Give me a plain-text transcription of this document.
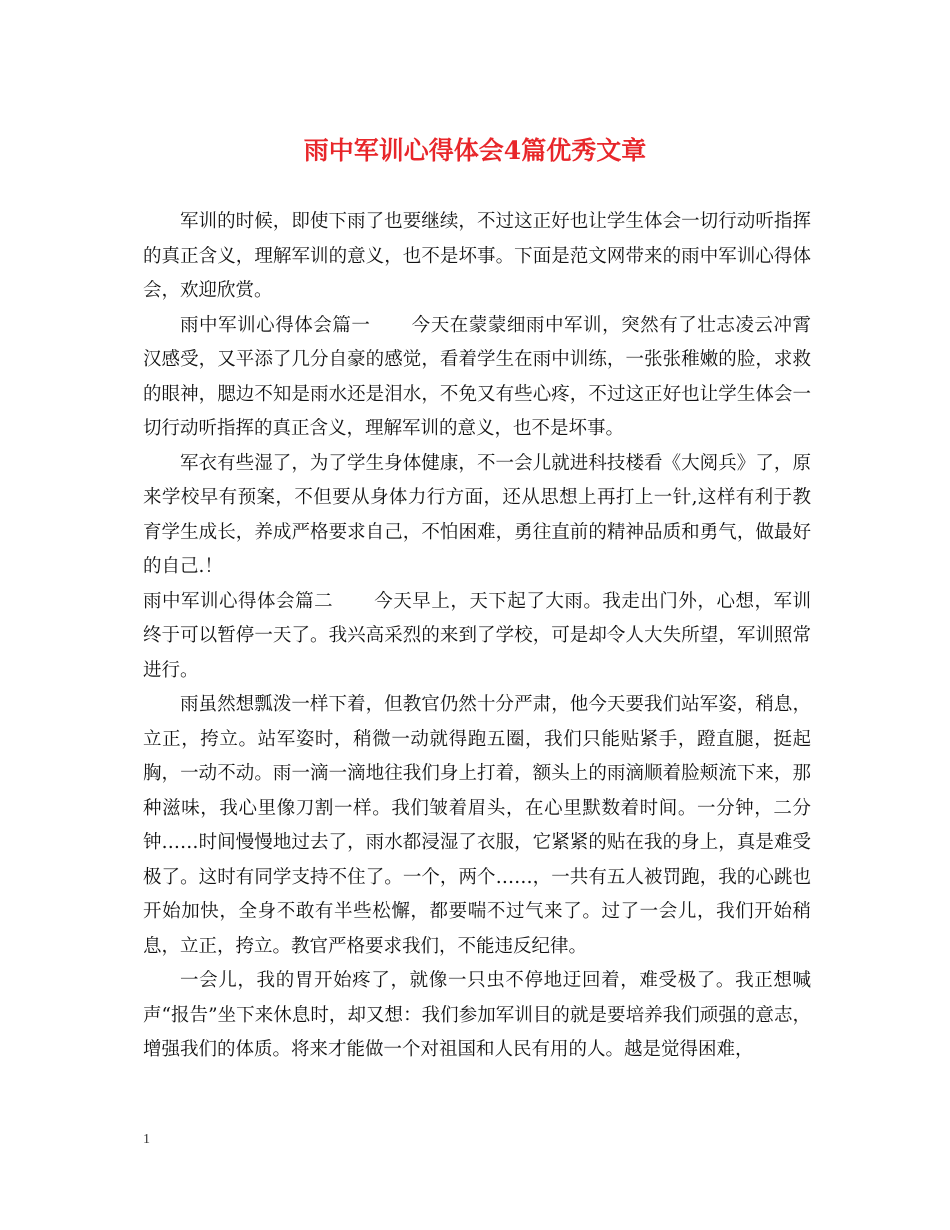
雨中军训心得体会4篇优秀文章

军训的时候，即使下雨了也要继续，不过这正好也让学生体会一切行动听指挥的真正含义，理解军训的意义，也不是坏事。下面是范文网带来的雨中军训心得体会，欢迎欣赏。

雨中军训心得体会篇一 今天在蒙蒙细雨中军训，突然有了壮志凌云冲霄汉感受，又平添了几分自豪的感觉，看着学生在雨中训练，一张张稚嫩的脸，求救的眼神，腮边不知是雨水还是泪水，不免又有些心疼，不过这正好也让学生体会一切行动听指挥的真正含义，理解军训的意义，也不是坏事。

军衣有些湿了，为了学生身体健康，不一会儿就进科技楼看《大阅兵》了，原来学校早有预案，不但要从身体力行方面，还从思想上再打上一针,这样有利于教育学生成长，养成严格要求自己，不怕困难，勇往直前的精神品质和勇气，做最好的自己.！

雨中军训心得体会篇二 今天早上，天下起了大雨。我走出门外，心想，军训终于可以暂停一天了。我兴高采烈的来到了学校，可是却令人大失所望，军训照常进行。

雨虽然想瓢泼一样下着，但教官仍然十分严肃，他今天要我们站军姿，稍息，立正，挎立。站军姿时，稍微一动就得跑五圈，我们只能贴紧手，蹬直腿，挺起胸，一动不动。雨一滴一滴地往我们身上打着，额头上的雨滴顺着脸颊流下来，那种滋味，我心里像刀割一样。我们皱着眉头，在心里默数着时间。一分钟，二分钟……时间慢慢地过去了，雨水都浸湿了衣服，它紧紧的贴在我的身上，真是难受极了。这时有同学支持不住了。一个，两个……，一共有五人被罚跑，我的心跳也开始加快，全身不敢有半些松懈，都要喘不过气来了。过了一会儿，我们开始稍息，立正，挎立。教官严格要求我们，不能违反纪律。

一会儿，我的胃开始疼了，就像一只虫不停地迂回着，难受极了。我正想喊声“报告”坐下来休息时，却又想：我们参加军训目的就是要培养我们顽强的意志，增强我们的体质。将来才能做一个对祖国和人民有用的人。越是觉得困难，

1
